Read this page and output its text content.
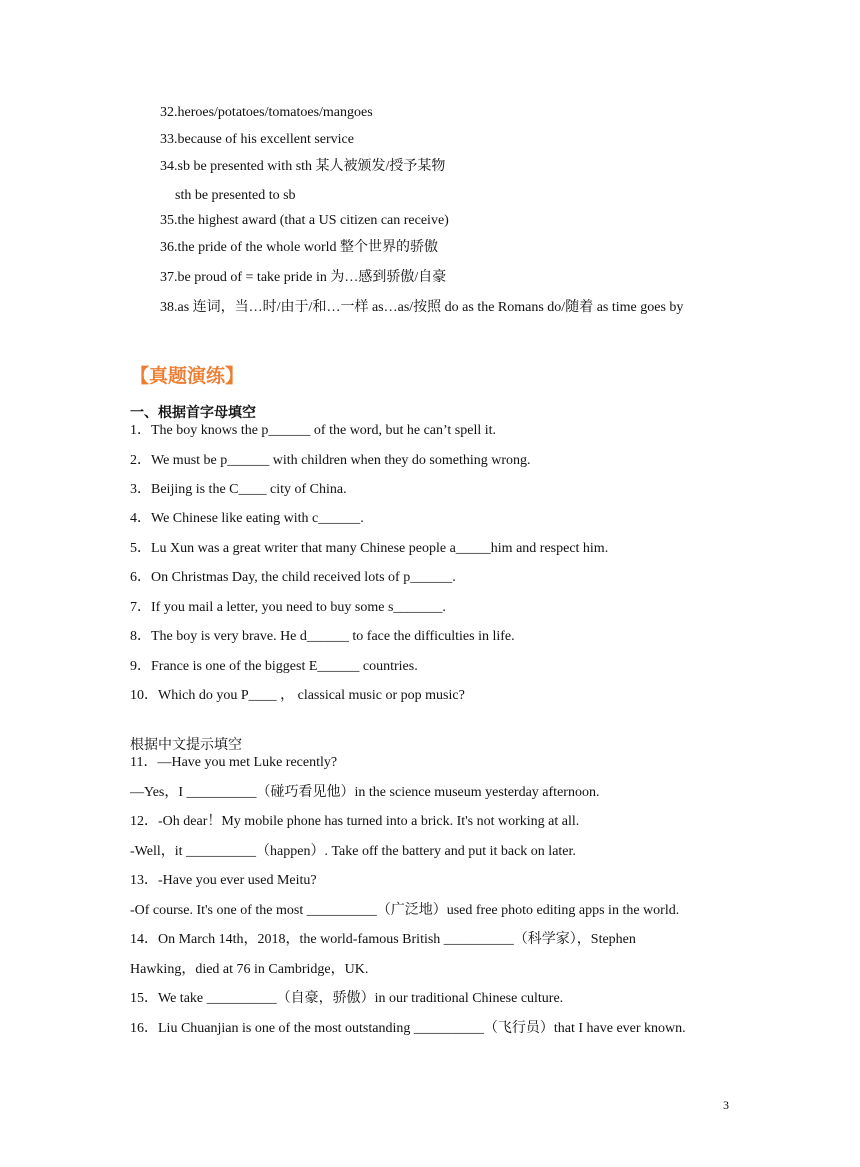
32.heroes/potatoes/tomatoes/mangoes
33.because of his excellent service
34.sb be presented with sth 某人被颁发/授予某物
sth be presented to sb
35.the highest award (that a US citizen can receive)
36.the pride of the whole world 整个世界的骄傲
37.be proud of = take pride in 为…感到骄傲/自豪
38.as 连词，当…时/由于/和…一样 as…as/按照 do as the Romans do/随着 as time goes by
【真题演练】
一、根据首字母填空
1．The boy knows the p______ of the word, but he can’t spell it.
2．We must be p______ with children when they do something wrong.
3．Beijing is the C____ city of China.
4．We Chinese like eating with c______.
5．Lu Xun was a great writer that many Chinese people a_____him and respect him.
6．On Christmas Day, the child received lots of p______.
7．If you mail a letter, you need to buy some s_______.
8．The boy is very brave. He d______ to face the difficulties in life.
9．France is one of the biggest E______ countries.
10．Which do you P____ ， classical music or pop music?
根据中文提示填空
11．—Have you met Luke recently?
—Yes，I __________（碰巧看见他）in the science museum yesterday afternoon.
12．-Oh dear！My mobile phone has turned into a brick. It's not working at all.
-Well，it __________（happen）. Take off the battery and put it back on later.
13．-Have you ever used Meitu?
-Of course. It's one of the most __________（广泛地）used free photo editing apps in the world.
14．On March 14th，2018，the world-famous British __________（科学家），Stephen
Hawking，died at 76 in Cambridge，UK.
15．We take __________（自豪，骄傲）in our traditional Chinese culture.
16．Liu Chuanjian is one of the most outstanding __________（飞行员）that I have ever known.
3
